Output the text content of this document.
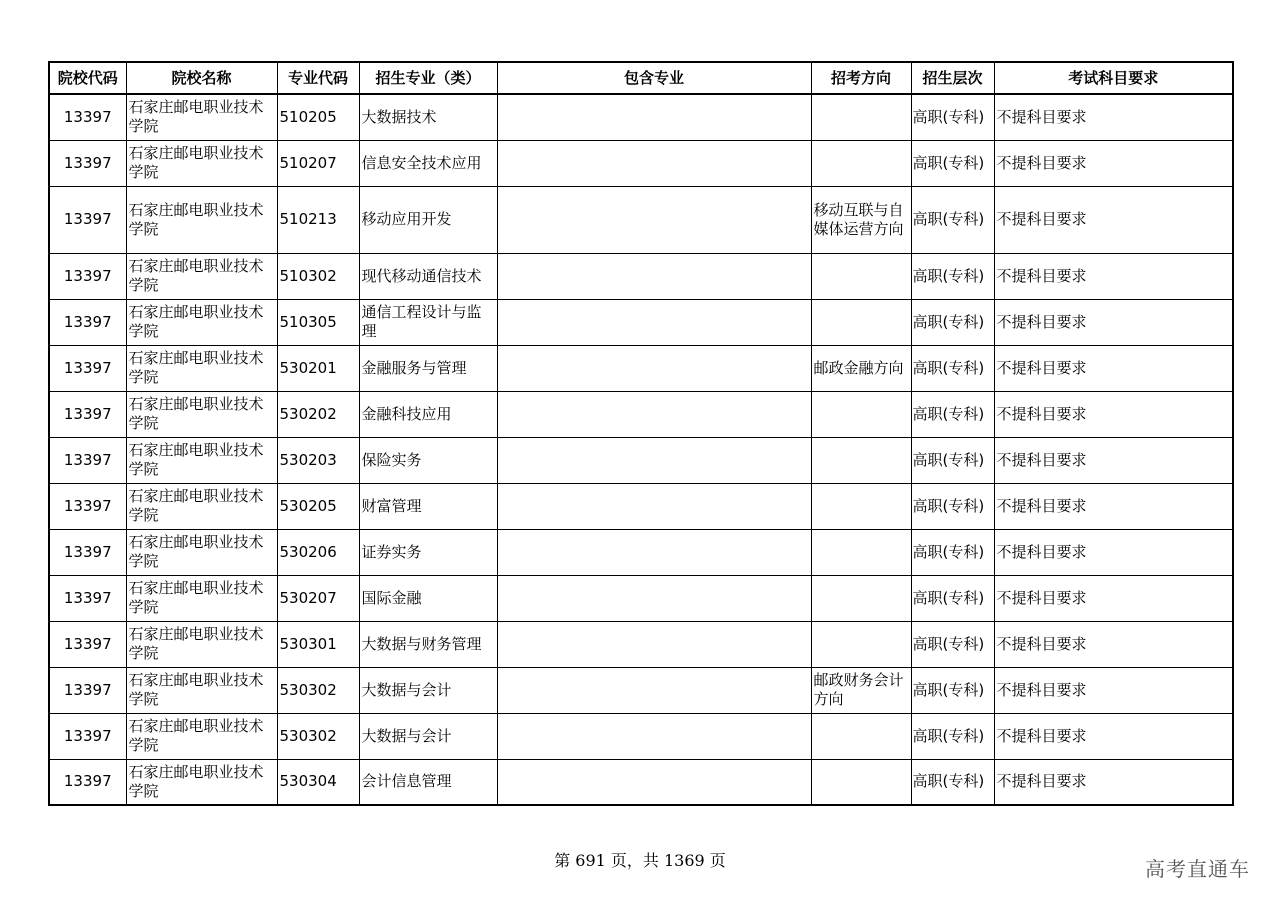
院校代码	院校名称	专业代码	招生专业（类）	包含专业	招考方向	招生层次	考试科目要求
13397	石家庄邮电职业技术学院	510205	大数据技术			高职(专科)	不提科目要求
13397	石家庄邮电职业技术学院	510207	信息安全技术应用			高职(专科)	不提科目要求
13397	石家庄邮电职业技术学院	510213	移动应用开发		移动互联与自媒体运营方向	高职(专科)	不提科目要求
13397	石家庄邮电职业技术学院	510302	现代移动通信技术			高职(专科)	不提科目要求
13397	石家庄邮电职业技术学院	510305	通信工程设计与监理			高职(专科)	不提科目要求
13397	石家庄邮电职业技术学院	530201	金融服务与管理		邮政金融方向	高职(专科)	不提科目要求
13397	石家庄邮电职业技术学院	530202	金融科技应用			高职(专科)	不提科目要求
13397	石家庄邮电职业技术学院	530203	保险实务			高职(专科)	不提科目要求
13397	石家庄邮电职业技术学院	530205	财富管理			高职(专科)	不提科目要求
13397	石家庄邮电职业技术学院	530206	证券实务			高职(专科)	不提科目要求
13397	石家庄邮电职业技术学院	530207	国际金融			高职(专科)	不提科目要求
13397	石家庄邮电职业技术学院	530301	大数据与财务管理			高职(专科)	不提科目要求
13397	石家庄邮电职业技术学院	530302	大数据与会计		邮政财务会计方向	高职(专科)	不提科目要求
13397	石家庄邮电职业技术学院	530302	大数据与会计			高职(专科)	不提科目要求
13397	石家庄邮电职业技术学院	530304	会计信息管理			高职(专科)	不提科目要求
第 691 页，共 1369 页	高考直通车
